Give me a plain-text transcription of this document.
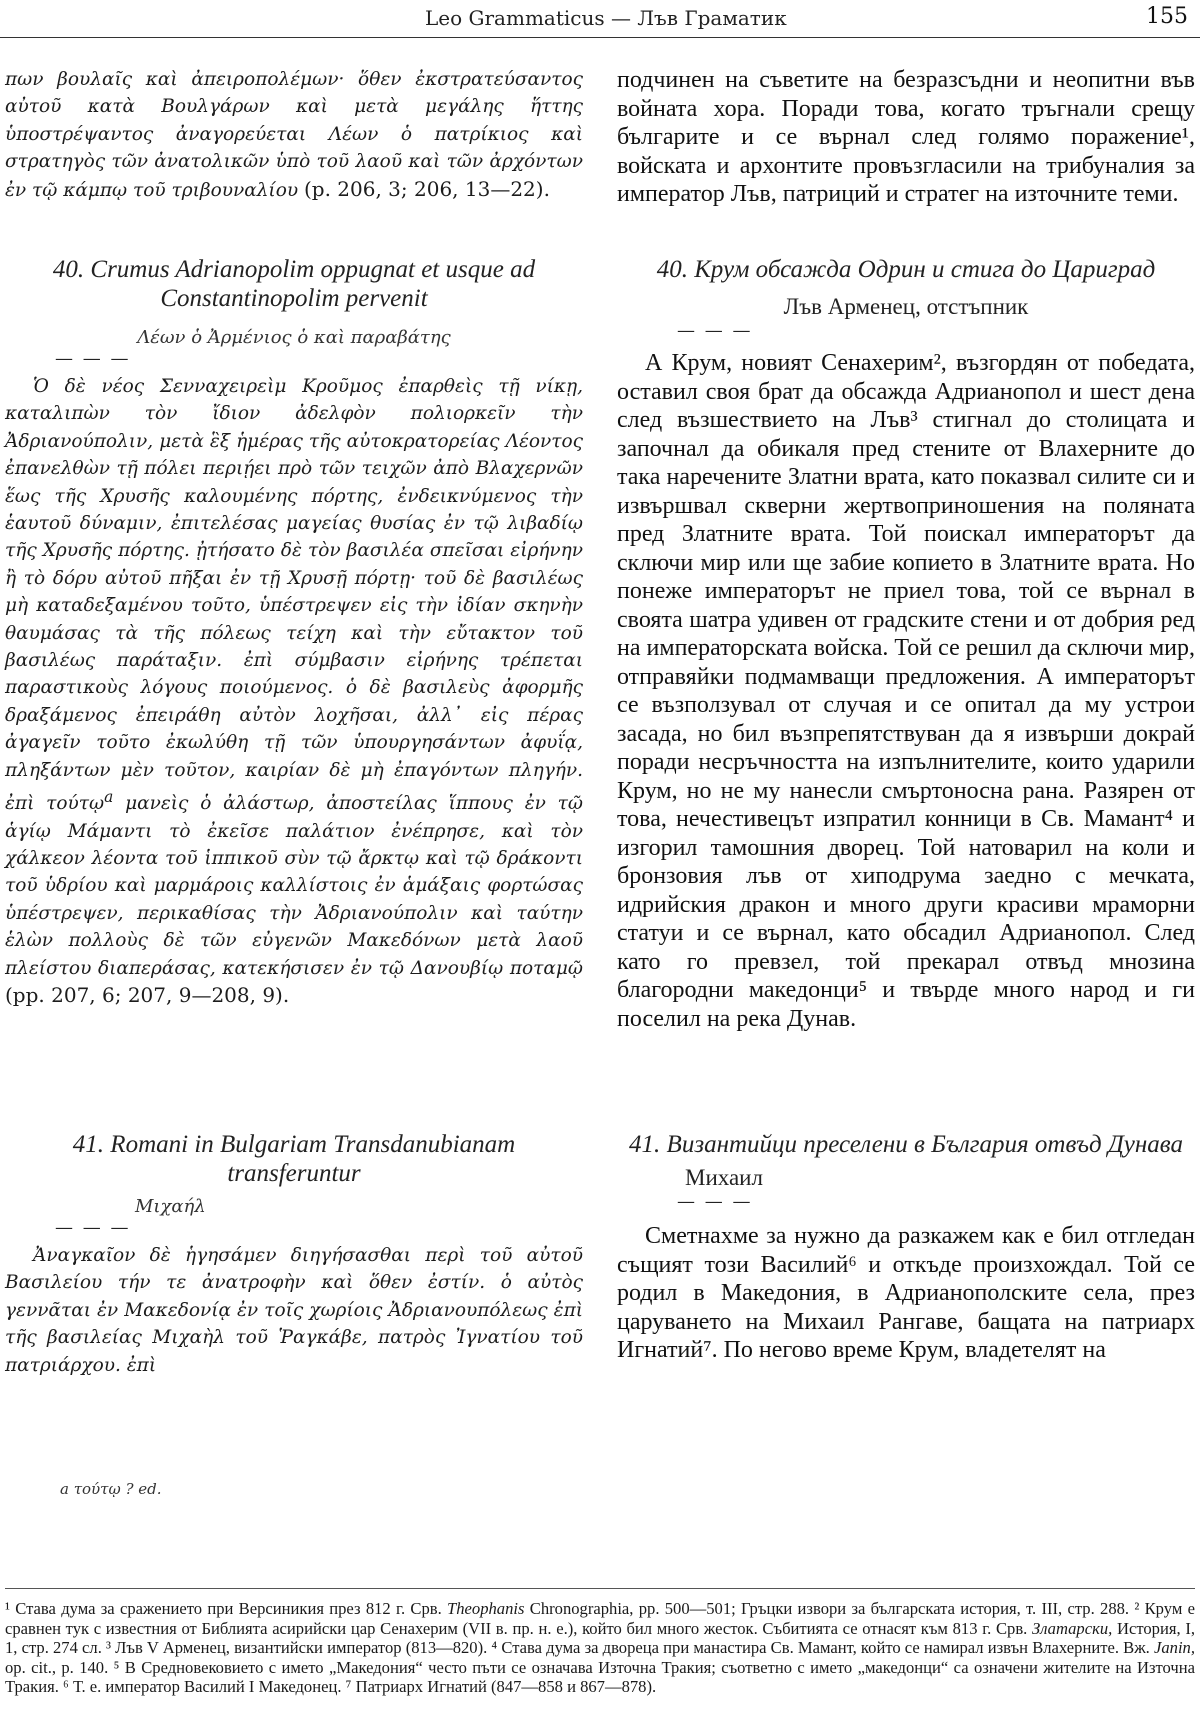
Leo Grammaticus — Лъв Граматик	155

πων βουλαῖς καὶ ἀπειροπολέμων· ὅθεν ἐκστρατεύσαντος αὐτοῦ κατὰ Βουλγάρων καὶ μετὰ μεγάλης ἥττης ὑποστρέψαντος ἀναγορεύεται Λέων ὁ πατρίκιος καὶ στρατηγὸς τῶν ἀνατολικῶν ὑπὸ τοῦ λαοῦ καὶ τῶν ἀρχόντων ἐν τῷ κάμπῳ τοῦ τριβουναλίου (p. 206, 3; 206, 13—22).

40. Crumus Adrianopolim oppugnat et usque ad Constantinopolim pervenit

Λέων ὁ Ἀρμένιος ὁ καὶ παραβάτης

— — —

Ὁ δὲ νέος Σενναχειρεὶμ Κροῦμος ἐπαρθεὶς τῇ νίκῃ, καταλιπὼν τὸν ἴδιον ἀδελφὸν πολιορκεῖν τὴν Ἀδριανούπολιν, μετὰ ἓξ ἡμέρας τῆς αὐτοκρατορείας Λέοντος ἐπανελθὼν τῇ πόλει περιῄει πρὸ τῶν τειχῶν ἀπὸ Βλαχερνῶν ἕως τῆς Χρυσῆς καλουμένης πόρτης, ἐνδεικνύμενος τὴν ἑαυτοῦ δύναμιν, ἐπιτελέσας μαγείας θυσίας ἐν τῷ λιβαδίῳ τῆς Χρυσῆς πόρτης. ᾐτήσατο δὲ τὸν βασιλέα σπεῖσαι εἰρήνην ἢ τὸ δόρυ αὐτοῦ πῆξαι ἐν τῇ Χρυσῇ πόρτῃ· τοῦ δὲ βασιλέως μὴ καταδεξαμένου τοῦτο, ὑπέστρεψεν εἰς τὴν ἰδίαν σκηνὴν θαυμάσας τὰ τῆς πόλεως τείχη καὶ τὴν εὔτακτον τοῦ βασιλέως παράταξιν. ἐπὶ σύμβασιν εἰρήνης τρέπεται παραστικοὺς λόγους ποιούμενος. ὁ δὲ βασιλεὺς ἀφορμῆς δραξάμενος ἐπειράθη αὐτὸν λοχῆσαι, ἀλλ᾽ εἰς πέρας ἀγαγεῖν τοῦτο ἐκωλύθη τῇ τῶν ὑπουργησάντων ἀφυΐᾳ, πληξάντων μὲν τοῦτον, καιρίαν δὲ μὴ ἐπαγόντων πληγήν. ἐπὶ τούτῳ$^a$ μανεὶς ὁ ἀλάστωρ, ἀποστείλας ἵππους ἐν τῷ ἁγίῳ Μάμαντι τὸ ἐκεῖσε παλάτιον ἐνέπρησε, καὶ τὸν χάλκεον λέοντα τοῦ ἱππικοῦ σὺν τῷ ἄρκτῳ καὶ τῷ δράκοντι τοῦ ὑδρίου καὶ μαρμάροις καλλίστοις ἐν ἁμάξαις φορτώσας ὑπέστρεψεν, περικαθίσας τὴν Ἀδριανούπολιν καὶ ταύτην ἑλὼν πολλοὺς δὲ τῶν εὐγενῶν Μακεδόνων μετὰ λαοῦ πλείστου διαπεράσας, κατεκήσισεν ἐν τῷ Δανουβίῳ ποταμῷ (pp. 207, 6; 207, 9—208, 9).

41. Romani in Bulgariam Transdanubianam transferuntur

Μιχαήλ

— — —

Ἀναγκαῖον δὲ ἡγησάμεν διηγήσασθαι περὶ τοῦ αὐτοῦ Βασιλείου τήν τε ἀνατροφὴν καὶ ὅθεν ἐστίν. ὁ αὐτὸς γεννᾶται ἐν Μακεδονίᾳ ἐν τοῖς χωρίοις Ἀδριανουπόλεως ἐπὶ τῆς βασιλείας Μιχαὴλ τοῦ Ῥαγκάβε, πατρὸς Ἰγνατίου τοῦ πατριάρχου. ἐπὶ

a τούτῳ ? ed.

подчинен на съветите на безразсъдни и неопитни във войната хора. Поради това, когато тръгнали срещу българите и се върнал след голямо поражение¹, войската и архонтите провъзгласили на трибуналия за император Лъв, патриций и стратег на източните теми.

40. Крум обсажда Одрин и стига до Цариград

Лъв Арменец, отстъпник

— — —

А Крум, новият Сенахерим², възгордян от победата, оставил своя брат да обсажда Адрианопол и шест дена след възшествието на Лъв³ стигнал до столицата и започнал да обикаля пред стените от Влахерните до така наречените Златни врата, като показвал силите си и извършвал скверни жертвоприношения на поляната пред Златните врата. Той поискал императорът да сключи мир или ще забие копието в Златните врата. Но понеже императорът не приел това, той се върнал в своята шатра удивен от градските стени и от добрия ред на императорската войска. Той се решил да сключи мир, отправяйки подмамващи предложения. А императорът се възползувал от случая и се опитал да му устрои засада, но бил възпрепятствуван да я извърши докрай поради несръчността на изпълнителите, които ударили Крум, но не му нанесли смъртоносна рана. Разярен от това, нечестивецът изпратил конници в Св. Мамант⁴ и изгорил тамошния дворец. Той натоварил на коли и бронзовия лъв от хиподрума заедно с мечката, идрийския дракон и много други красиви мраморни статуи и се върнал, като обсадил Адрианопол. След като го превзел, той прекарал отвъд мнозина благородни македонци⁵ и твърде много народ и ги поселил на река Дунав.

41. Византийци преселени в България отвъд Дунава

Михаил

— — —

Сметнахме за нужно да разкажем как е бил отгледан същият този Василий⁶ и откъде произхождал. Той се родил в Македония, в Адрианополските села, през царуването на Михаил Рангаве, бащата на патриарх Игнатий⁷. По негово време Крум, владетелят на

¹ Става дума за сражението при Версиникия през 812 г. Срв. Theophanis Chronographia, pp. 500—501; Гръцки извори за българската история, т. III, стр. 288. ² Крум е сравнен тук с известния от Библията асирийски цар Сенахерим (VII в. пр. н. е.), който бил много жесток. Събитията се отнасят към 813 г. Срв. Златарски, История, I, 1, стр. 274 сл. ³ Лъв V Арменец, византийски император (813—820). ⁴ Става дума за двореца при манастира Св. Мамант, който се намирал извън Влахерните. Вж. Janin, op. cit., p. 140. ⁵ В Средновековието с името „Македония“ често пъти се означава Източна Тракия; съответно с името „македонци“ са означени жителите на Източна Тракия. ⁶ Т. е. император Василий I Македонец. ⁷ Патриарх Игнатий (847—858 и 867—878).
